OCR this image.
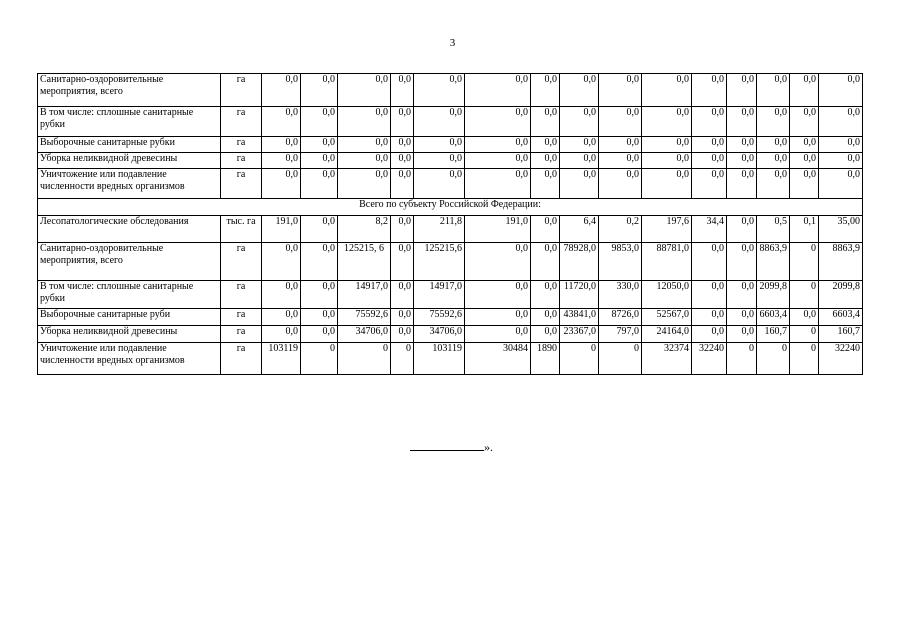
3
Санитарно-оздоровительные мероприятия, всего	га	0,0	0,0	0,0	0,0	0,0	0,0	0,0	0,0	0,0	0,0	0,0	0,0	0,0	0,0	0,0
В том числе: сплошные санитарные рубки	га	0,0	0,0	0,0	0,0	0,0	0,0	0,0	0,0	0,0	0,0	0,0	0,0	0,0	0,0	0,0
Выборочные санитарные рубки	га	0,0	0,0	0,0	0,0	0,0	0,0	0,0	0,0	0,0	0,0	0,0	0,0	0,0	0,0	0,0
Уборка неликвидной древесины	га	0,0	0,0	0,0	0,0	0,0	0,0	0,0	0,0	0,0	0,0	0,0	0,0	0,0	0,0	0,0
Уничтожение или подавление численности вредных организмов	га	0,0	0,0	0,0	0,0	0,0	0,0	0,0	0,0	0,0	0,0	0,0	0,0	0,0	0,0	0,0
Всего по субъекту Российской Федерации:																
Лесопатологические обследования	тыс. га	191,0	0,0	8,2	0,0	211,8	191,0	0,0	6,4	0,2	197,6	34,4	0,0	0,5	0,1	35,00
Санитарно-оздоровительные мероприятия, всего	га	0,0	0,0	125215, 6	0,0	125215,6	0,0	0,0	78928,0	9853,0	88781,0	0,0	0,0	8863,9	0	8863,9
В том числе: сплошные санитарные рубки	га	0,0	0,0	14917,0	0,0	14917,0	0,0	0,0	11720,0	330,0	12050,0	0,0	0,0	2099,8	0	2099,8
Выборочные санитарные руби	га	0,0	0,0	75592,6	0,0	75592,6	0,0	0,0	43841,0	8726,0	52567,0	0,0	0,0	6603,4	0,0	6603,4
Уборка неликвидной древесины	га	0,0	0,0	34706,0	0,0	34706,0	0,0	0,0	23367,0	797,0	24164,0	0,0	0,0	160,7	0	160,7
Уничтожение или подавление численности вредных организмов	га	103119	0	0	0	103119	30484	1890	0	0	32374	32240	0	0	0	32240
».
